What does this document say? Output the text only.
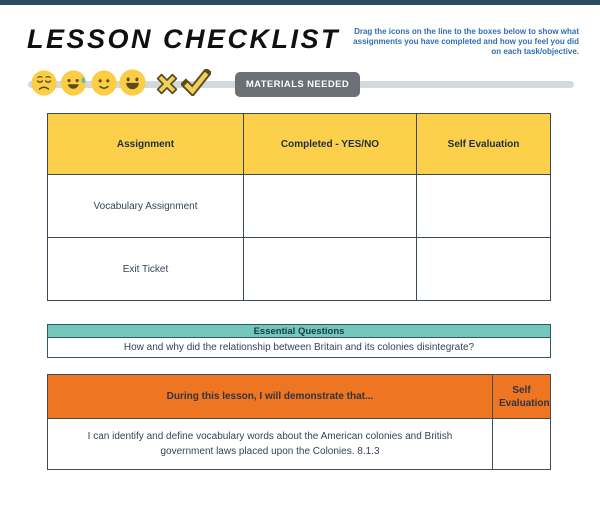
LESSON CHECKLIST	Drag the icons on the line to the boxes below to show what assignments you have completed and how you feel you did on each task/objective.
MATERIALS NEEDED
Assignment	Completed - YES/NO	Self Evaluation
Vocabulary Assignment		
Exit Ticket		
Essential Questions
How and why did the relationship between Britain and its colonies disintegrate?
During this lesson, I will demonstrate that...	Self Evaluation
I can identify and define vocabulary words about the American colonies and British government laws placed upon the Colonies. 8.1.3	
